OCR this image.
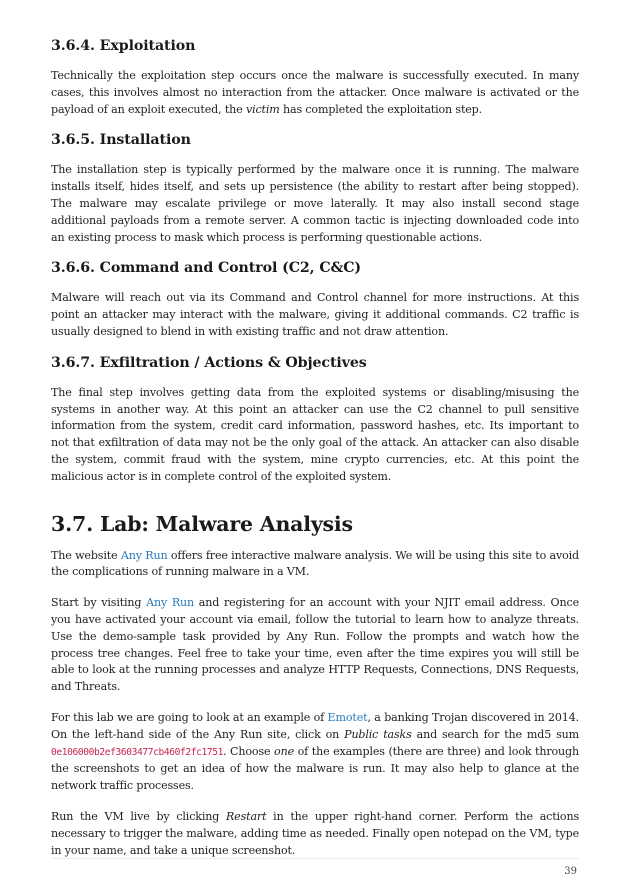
3.6.4. Exploitation

Technically the exploitation step occurs once the malware is successfully executed. In many cases, this involves almost no interaction from the attacker. Once malware is activated or the payload of an exploit executed, the victim has completed the exploitation step.

3.6.5. Installation

The installation step is typically performed by the malware once it is running. The malware installs itself, hides itself, and sets up persistence (the ability to restart after being stopped). The malware may escalate privilege or move laterally. It may also install second stage additional payloads from a remote server. A common tactic is injecting downloaded code into an existing process to mask which process is performing questionable actions.

3.6.6. Command and Control (C2, C&C)

Malware will reach out via its Command and Control channel for more instructions. At this point an attacker may interact with the malware, giving it additional commands. C2 traffic is usually designed to blend in with existing traffic and not draw attention.

3.6.7. Exfiltration / Actions & Objectives

The final step involves getting data from the exploited systems or disabling/misusing the systems in another way. At this point an attacker can use the C2 channel to pull sensitive information from the system, credit card information, password hashes, etc. Its important to not that exfiltration of data may not be the only goal of the attack. An attacker can also disable the system, commit fraud with the system, mine crypto currencies, etc. At this point the malicious actor is in complete control of the exploited system.

3.7. Lab: Malware Analysis

The website Any Run offers free interactive malware analysis. We will be using this site to avoid the complications of running malware in a VM.

Start by visiting Any Run and registering for an account with your NJIT email address. Once you have activated your account via email, follow the tutorial to learn how to analyze threats. Use the demo-sample task provided by Any Run. Follow the prompts and watch how the process tree changes. Feel free to take your time, even after the time expires you will still be able to look at the running processes and analyze HTTP Requests, Connections, DNS Requests, and Threats.

For this lab we are going to look at an example of Emotet, a banking Trojan discovered in 2014. On the left-hand side of the Any Run site, click on Public tasks and search for the md5 sum 0e106000b2ef3603477cb460f2fc1751. Choose one of the examples (there are three) and look through the screenshots to get an idea of how the malware is run. It may also help to glance at the network traffic processes.

Run the VM live by clicking Restart in the upper right-hand corner. Perform the actions necessary to trigger the malware, adding time as needed. Finally open notepad on the VM, type in your name, and take a unique screenshot.

39
